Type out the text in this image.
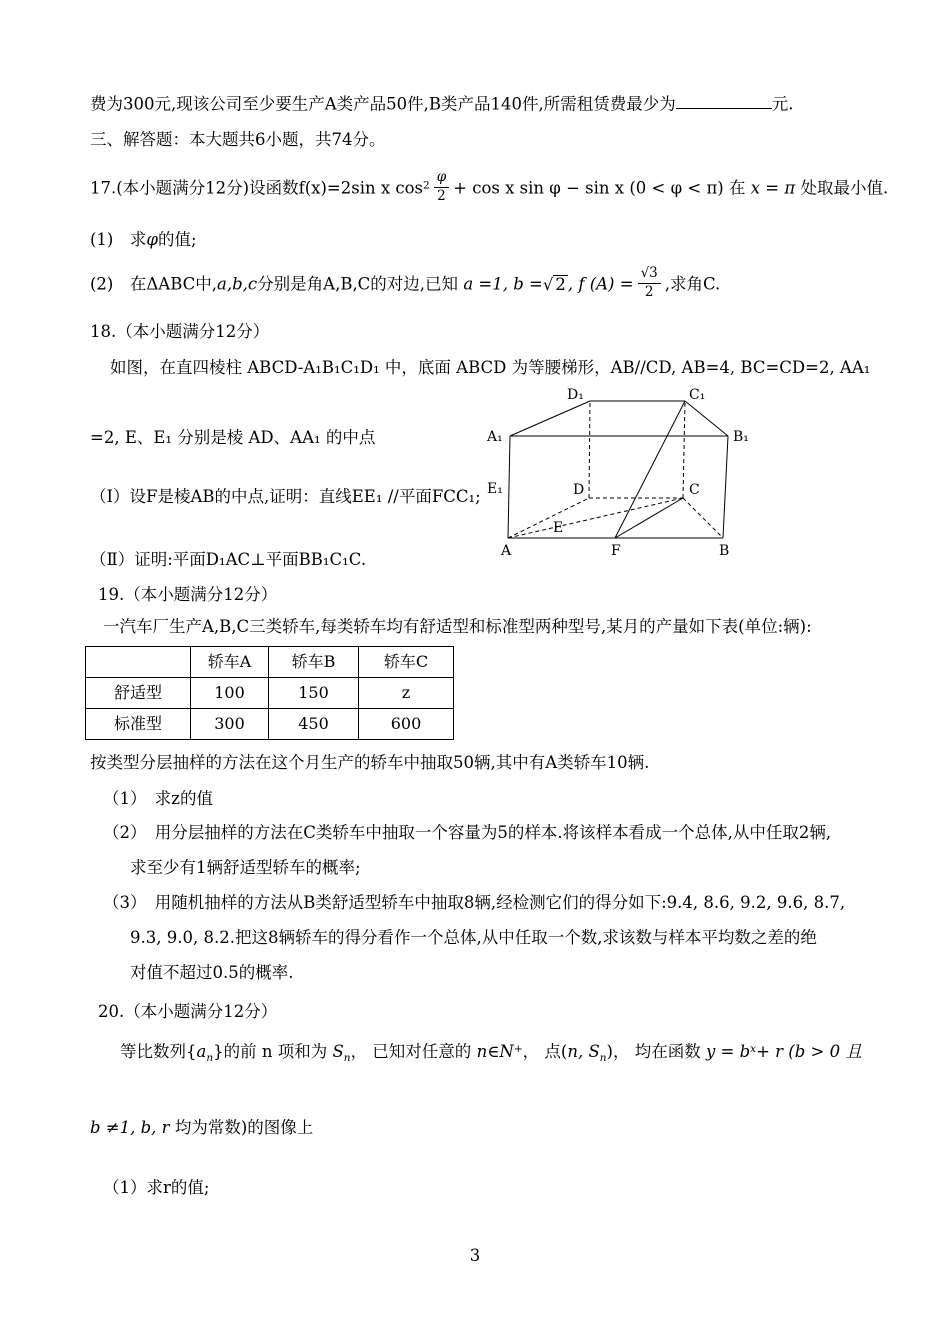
费为300元,现该公司至少要生产A类产品50件,B类产品140件,所需租赁费最少为	元.
三、解答题：本大题共6小题，共74分。
17.(本小题满分12分)设函数f(x)=2sin x $\cos^2 \frac{\varphi}{2} + \cos x$ sin φ − sin x (0 < φ < π) 在 x = π 处取最小值.
(1)　求φ的值;
(2)　在ΔABC中,a,b,c分别是角A,B,C的对边,已知 a =1, b =√ 2 , f $(A) = \frac{√3}{2}$ ,求角C.
18.（本小题满分12分）
如图，在直四棱柱 ABCD-A₁B₁C₁D₁ 中，底面 ABCD 为等腰梯形，AB//CD, AB=4, BC=CD=2, AA₁
=2, E、E₁ 分别是棱 AD、AA₁ 的中点
（Ⅰ）设F是棱AB的中点,证明：直线EE₁ //平面FCC₁;
（Ⅱ）证明:平面D₁AC⊥平面BB₁C₁C.
D₁	C₁
A₁	B₁
D	C
E₁
E
A	F	B
19.（本小题满分12分）
一汽车厂生产A,B,C三类轿车,每类轿车均有舒适型和标准型两种型号,某月的产量如下表(单位:辆):
	轿车A	轿车B	轿车C
舒适型	100	150	z
标准型	300	450	600
按类型分层抽样的方法在这个月生产的轿车中抽取50辆,其中有A类轿车10辆.
（1）　求z的值
（2）　用分层抽样的方法在C类轿车中抽取一个容量为5的样本.将该样本看成一个总体,从中任取2辆,
求至少有1辆舒适型轿车的概率;
（3）　用随机抽样的方法从B类舒适型轿车中抽取8辆,经检测它们的得分如下:9.4, 8.6, 9.2, 9.6, 8.7,
9.3, 9.0, 8.2.把这8辆轿车的得分看作一个总体,从中任取一个数,求该数与样本平均数之差的绝
对值不超过0.5的概率.
20.（本小题满分12分）
等比数列$\{a_n\}$的前 n 项和为 $S_n$， 已知对任意的 n∈N+， 点(n, $S_n$)， 均在函数 $y = b^x+ r$ (b > 0 且
b ≠1, b, r 均为常数)的图像上
（1）求r的值;
3
